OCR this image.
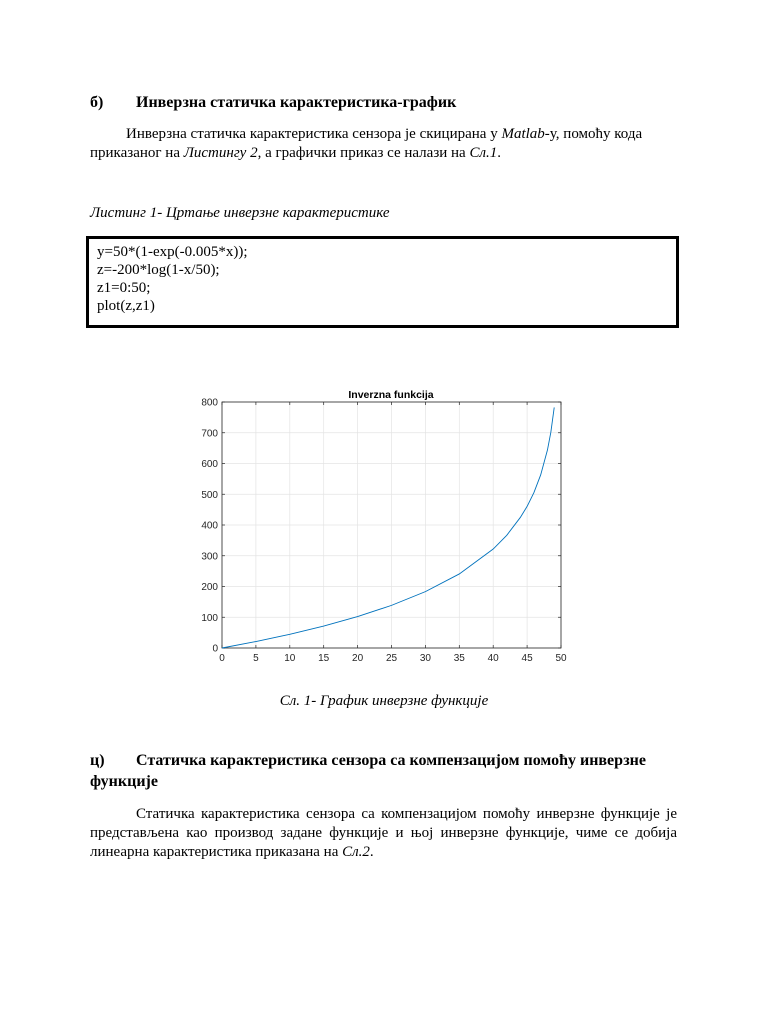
б) Инверзна статичка карактеристика-график

Инверзна статичка карактеристика сензора је скицирана у Matlab-у, помоћу кода приказаног на Листингу 2, а графички приказ се налази на Сл.1.

Листинг 1- Цртање инверзне карактеристике
y=50*(1-exp(-0.005*x));
z=-200*log(1-x/50);
z1=0:50;
plot(z,z1)
0	5	10 15 20 25 30 35 40 45 50
0
100
200
300
400
500
600
700
800
Inverzna funkcija
Сл. 1- График инверзне функције
ц) Статичка карактеристика сензора са компензацијом помоћу инверзне
функције

Статичка карактеристика сензора са компензацијом помоћу инверзне функције је представљена као производ задане функције и њој инверзне функције, чиме се добија линеарна карактеристика приказана на Сл.2.
